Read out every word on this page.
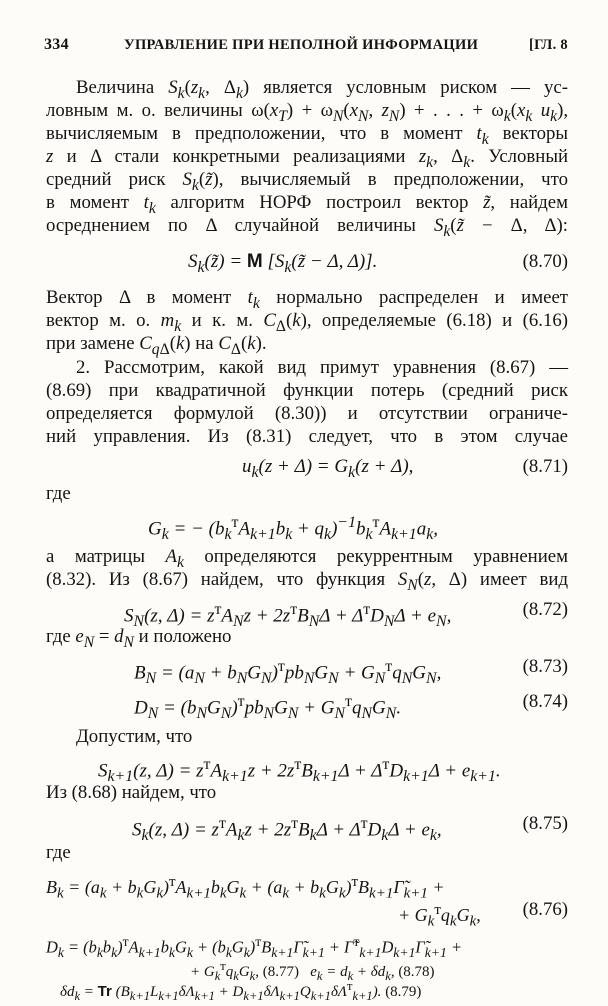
334	УПРАВЛЕНИЕ ПРИ НЕПОЛНОЙ ИНФОРМАЦИИ	[ГЛ. 8
Величина $S_k(z_k$, $\Delta_k$) является условным риском — ус-
ловным м. о. величины $\omega(x_T) + \omega_N(x_N$, $z_N$) + . . . + $\omega_k(x_k$ $u_k$),
вычисляемым в предположении, что в момент $t_k$ векторы
z и Δ стали конкретными реализациями $z_k$, $\Delta_k$. Условный
средний риск $S_k(z̃)$, вычисляемый в предположении, что
в момент $t_k$ алгоритм НОРФ построил вектор z̃, найдем
осреднением по Δ случайной величины $S_k(z̃ - \Delta$, Δ):
$S_k(z̃) = M$ [$S_k(z̃ - \Delta$, Δ)].	(8.70)
Вектор Δ в момент $t_k$ нормально распределен и имеет
вектор м. о. $m_k$ и к. м. $C_\Delta(k)$, определяемые (6.18) и (6.16)
при замене $C_{q\Delta}(k)$ на $C_\Delta(k)$.
2. Рассмотрим, какой вид примут уравнения (8.67) —
(8.69) при квадратичной функции потерь (средний риск
определяется формулой (8.30)) и отсутствии ограниче-
ний управления. Из (8.31) следует, что в этом случае
$u_k(z + \Delta) = G_k(z + \Delta)$,	(8.71)
где
$G_k$ = − $(b_k^тA_{k+1}b_k + q_k)^{-1}b_k^тA_{k+1}a_k$,
а матрицы $A_k$ определяются рекуррентным уравнением
(8.32). Из (8.67) найдем, что функция $S_N(z$, Δ) имеет вид
$S_N(z$, $\Delta) = z^тA_Nz + 2z^тB_N\Delta + \Delta^тD_N\Delta + e_N$,	(8.72)
где $e_N = d_N$ и положено
$B_N = (a_N + b_NG_N)^тpb_NG_N + G_N^тq_NG_N$,	(8.73)
$D_N = (b_NG_N)^тpb_NG_N + G_N^тq_NG_N$.	(8.74)
Допустим, что
$S_{k+1}(z$, $\Delta) = z^тA_{k+1}z + 2z^тB_{k+1}\Delta + \Delta^тD_{k+1}\Delta + e_{k+1}$.
Из (8.68) найдем, что
$S_k(z$, $\Delta) = z^тA_kz + 2z^тB_k\Delta + \Delta^тD_k\Delta + e_k$,	(8.75)
где
$B_k = (a_k + b_kG_k)^тA_{k+1}b_kG_k + (a_k$ + $b_kG_k)^тB_{k+1}\Gammã_{k+1}$ +
+ $G_k^тq_kG_k$, (8.76)
$D_k = (b_kb_k)^тA_{k+1}b_kG_k$ + $(b_kG_k)^тB_{k+1}\Gammã_{k+1}$ + $\Gammã^т_{k+1}D_{k+1}\Gammã_{k+1}$ +
+ $G_k^тq_kG_k$, (8.77)   $e_k = d_k + \delta d_k$, (8.78)
$\delta d_k = Tr$ $(B_{k+1}L_{k+1}\delta\Lambda_{k+1} + D_{k+1}\delta\Lambda_{k+1}Q_{k+1}\delta\Lambda^т_{k+1})$. (8.79)
